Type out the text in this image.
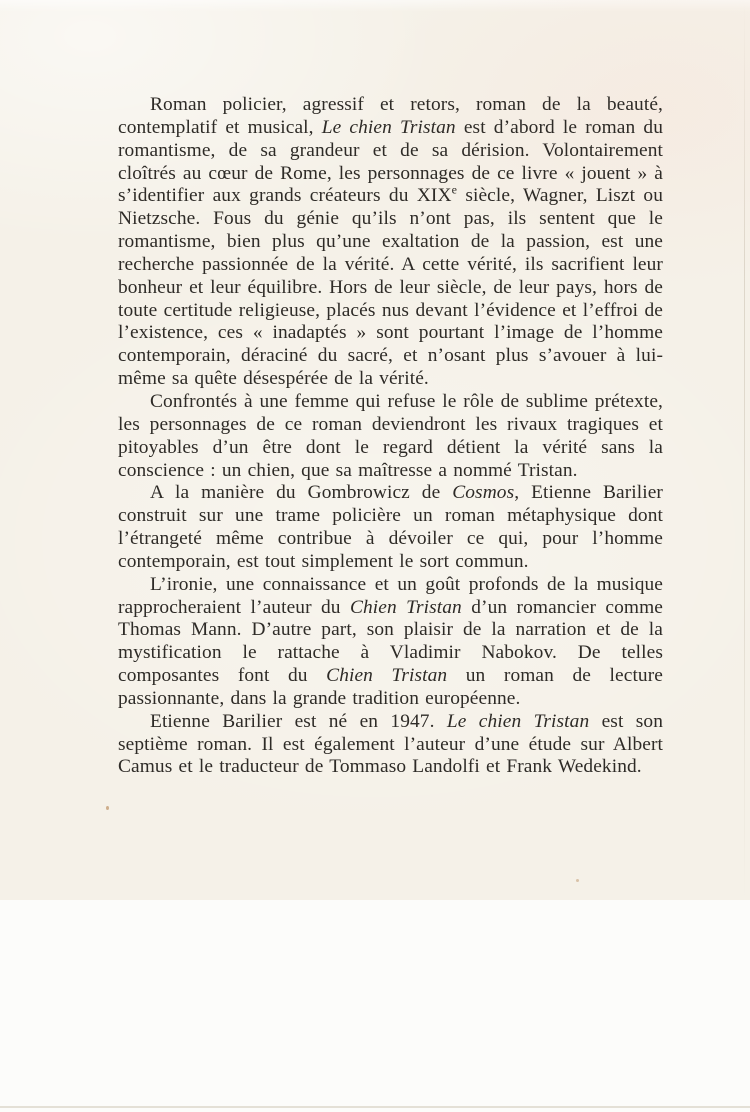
Roman policier, agressif et retors, roman de la beauté, contemplatif et musical, Le chien Tristan est d’abord le roman du romantisme, de sa grandeur et de sa dérision. Volontairement cloîtrés au cœur de Rome, les personnages de ce livre « jouent » à s’identifier aux grands créateurs du XIXe siècle, Wagner, Liszt ou Nietzsche. Fous du génie qu’ils n’ont pas, ils sentent que le romantisme, bien plus qu’une exaltation de la passion, est une recherche passionnée de la vérité. A cette vérité, ils sacrifient leur bonheur et leur équilibre. Hors de leur siècle, de leur pays, hors de toute certitude religieuse, placés nus devant l’évidence et l’effroi de l’existence, ces « inadaptés » sont pourtant l’image de l’homme contemporain, déraciné du sacré, et n’osant plus s’avouer à lui-même sa quête désespérée de la vérité.

Confrontés à une femme qui refuse le rôle de sublime prétexte, les personnages de ce roman deviendront les rivaux tragiques et pitoyables d’un être dont le regard détient la vérité sans la conscience : un chien, que sa maîtresse a nommé Tristan.

A la manière du Gombrowicz de Cosmos, Etienne Barilier construit sur une trame policière un roman métaphysique dont l’étrangeté même contribue à dévoiler ce qui, pour l’homme contemporain, est tout simplement le sort commun.

L’ironie, une connaissance et un goût profonds de la musique rapprocheraient l’auteur du Chien Tristan d’un romancier comme Thomas Mann. D’autre part, son plaisir de la narration et de la mystification le rattache à Vladimir Nabokov. De telles composantes font du Chien Tristan un roman de lecture passionnante, dans la grande tradition européenne.

Etienne Barilier est né en 1947. Le chien Tristan est son septième roman. Il est également l’auteur d’une étude sur Albert Camus et le traducteur de Tommaso Landolfi et Frank Wedekind.
